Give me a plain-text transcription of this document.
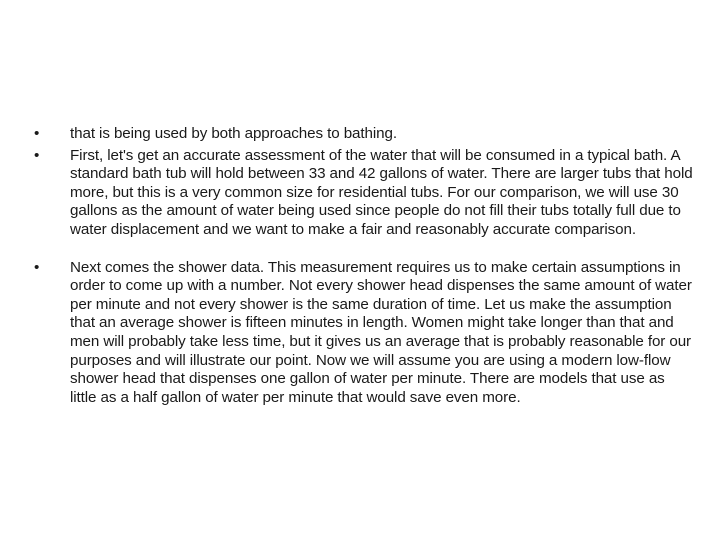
•	that is being used by both approaches to bathing.
•	First, let's get an accurate assessment of the water that will be consumed in a typical bath. A standard bath tub will hold between 33 and 42 gallons of water. There are larger tubs that hold more, but this is a very common size for residential tubs. For our comparison, we will use 30 gallons as the amount of water being used since people do not fill their tubs totally full due to water displacement and we want to make a fair and reasonably accurate comparison.
•	Next comes the shower data. This measurement requires us to make certain assumptions in order to come up with a number. Not every shower head dispenses the same amount of water per minute and not every shower is the same duration of time. Let us make the assumption that an average shower is fifteen minutes in length. Women might take longer than that and men will probably take less time, but it gives us an average that is probably reasonable for our purposes and will illustrate our point. Now we will assume you are using a modern low-flow shower head that dispenses one gallon of water per minute. There are models that use as little as a half gallon of water per minute that would save even more.
